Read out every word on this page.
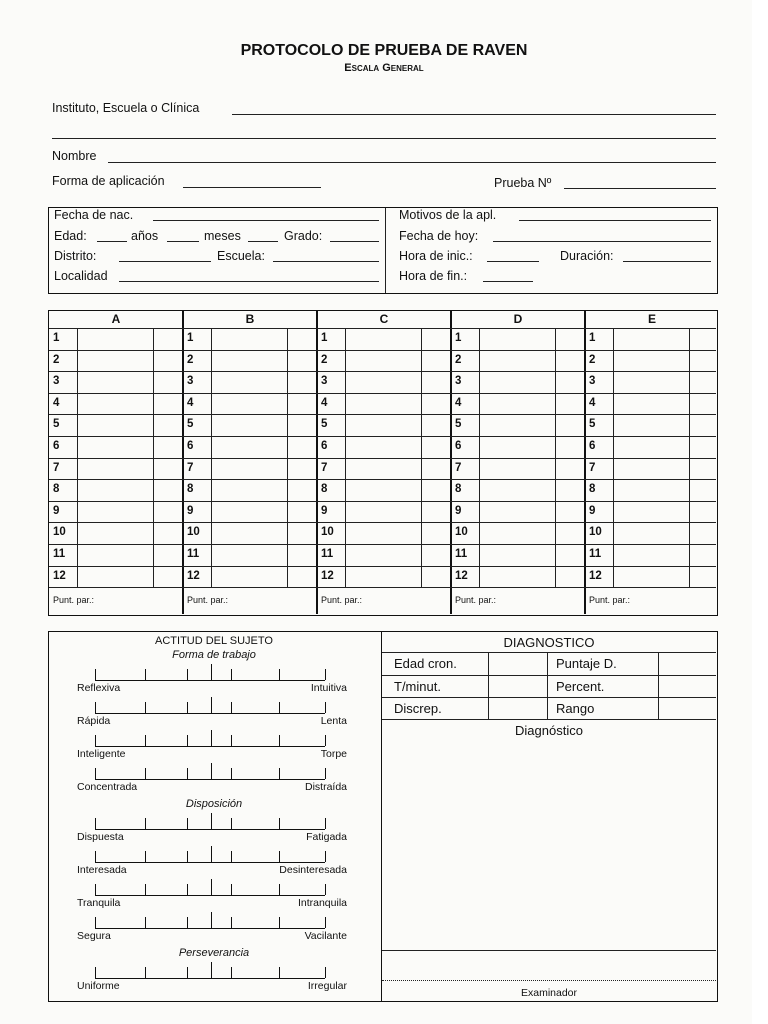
PROTOCOLO DE PRUEBA DE RAVEN
Escala General
Instituto, Escuela o Clínica
Nombre
Forma de aplicación	Prueba Nº
Fecha de nac.
Edad:	años	meses	Grado:
Distrito:	Escuela:
Localidad
Motivos de la apl.
Fecha de hoy:
Hora de inic.:	Duración:
Hora de fin.:
A
1
2
3
4
5
6
7
8
9
10
11
12
Punt. par.:
B
1
2
3
4
5
6
7
8
9
10
11
12
Punt. par.:
C
1
2
3
4
5
6
7
8
9
10
11
12
Punt. par.:
D
1
2
3
4
5
6
7
8
9
10
11
12
Punt. par.:
E
1
2
3
4
5
6
7
8
9
10
11
12
Punt. par.:
ACTITUD DEL SUJETO
Forma de trabajo
Reflexiva	Intuitiva
Rápida	Lenta
Inteligente	Torpe
Concentrada	Distraída
Disposición
Dispuesta	Fatigada
Interesada	Desinteresada
Tranquila	Intranquila
Segura	Vacilante
Perseverancia
Uniforme	Irregular
DIAGNOSTICO
Edad cron.	Puntaje D.
T/minut.	Percent.
Discrep.	Rango
Diagnóstico
Examinador
